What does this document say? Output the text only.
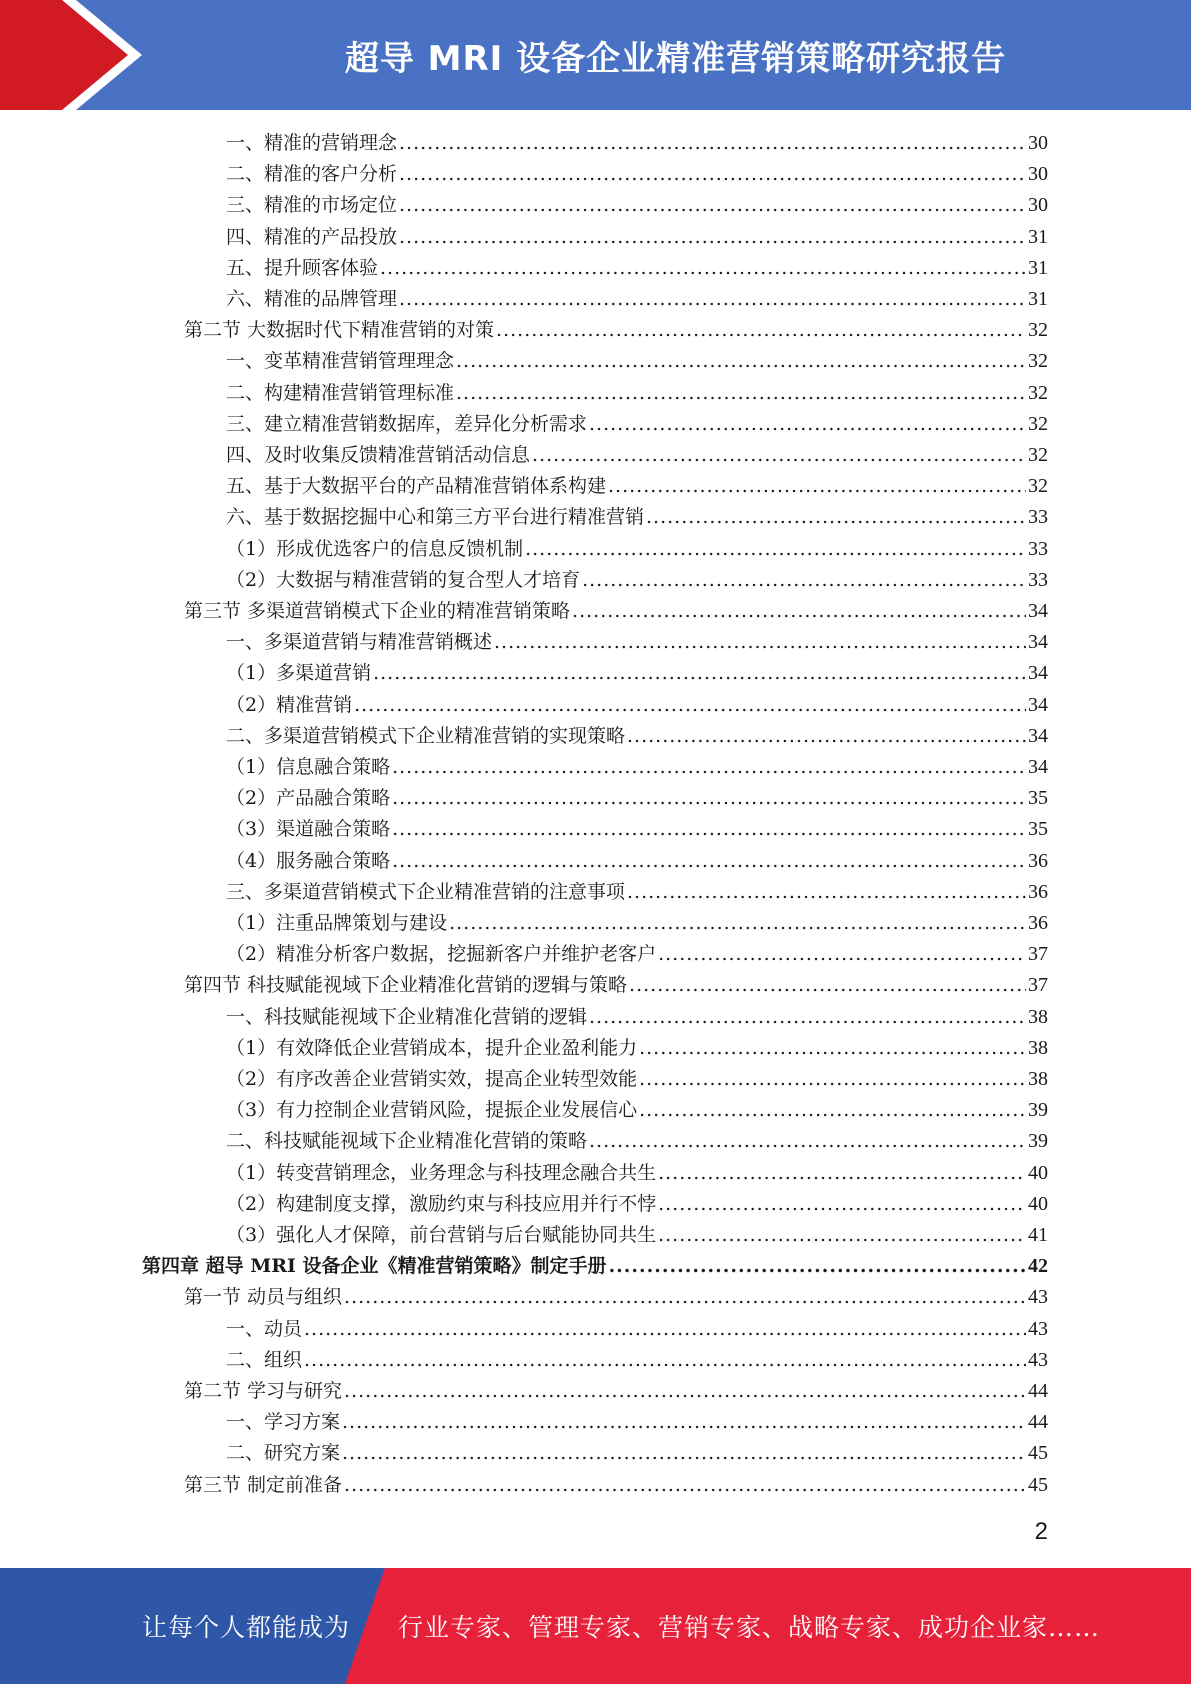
超导 MRI 设备企业精准营销策略研究报告
一、精准的营销理念 .....	30
二、精准的客户分析 .....	30
三、精准的市场定位 .....	30
四、精准的产品投放 .....	31
五、提升顾客体验 .....	31
六、精准的品牌管理 .....	31
第二节 大数据时代下精准营销的对策 .....	32
一、变革精准营销管理理念 .....	32
二、构建精准营销管理标准 .....	32
三、建立精准营销数据库，差异化分析需求 .....	32
四、及时收集反馈精准营销活动信息 .....	32
五、基于大数据平台的产品精准营销体系构建 .....	32
六、基于数据挖掘中心和第三方平台进行精准营销 .....	33
（1）形成优选客户的信息反馈机制 .....	33
（2）大数据与精准营销的复合型人才培育 .....	33
第三节 多渠道营销模式下企业的精准营销策略 .....	34
一、多渠道营销与精准营销概述 .....	34
（1）多渠道营销 .....	34
（2）精准营销 .....	34
二、多渠道营销模式下企业精准营销的实现策略 .....	34
（1）信息融合策略 .....	34
（2）产品融合策略 .....	35
（3）渠道融合策略 .....	35
（4）服务融合策略 .....	36
三、多渠道营销模式下企业精准营销的注意事项 .....	36
（1）注重品牌策划与建设 .....	36
（2）精准分析客户数据，挖掘新客户并维护老客户 .....	37
第四节 科技赋能视域下企业精准化营销的逻辑与策略 .....	37
一、科技赋能视域下企业精准化营销的逻辑 .....	38
（1）有效降低企业营销成本，提升企业盈利能力 .....	38
（2）有序改善企业营销实效，提高企业转型效能 .....	38
（3）有力控制企业营销风险，提振企业发展信心 .....	39
二、科技赋能视域下企业精准化营销的策略 .....	39
（1）转变营销理念，业务理念与科技理念融合共生 .....	40
（2）构建制度支撑，激励约束与科技应用并行不悖 .....	40
（3）强化人才保障，前台营销与后台赋能协同共生 .....	41
第四章 超导 MRI 设备企业《精准营销策略》制定手册 .....	42
第一节 动员与组织 .....	43
一、动员 .....	43
二、组织 .....	43
第二节 学习与研究 .....	44
一、学习方案 .....	44
二、研究方案 .....	45
第三节 制定前准备 .....	45
2
让每个人都能成为 行业专家、管理专家、营销专家、战略专家、成功企业家……
